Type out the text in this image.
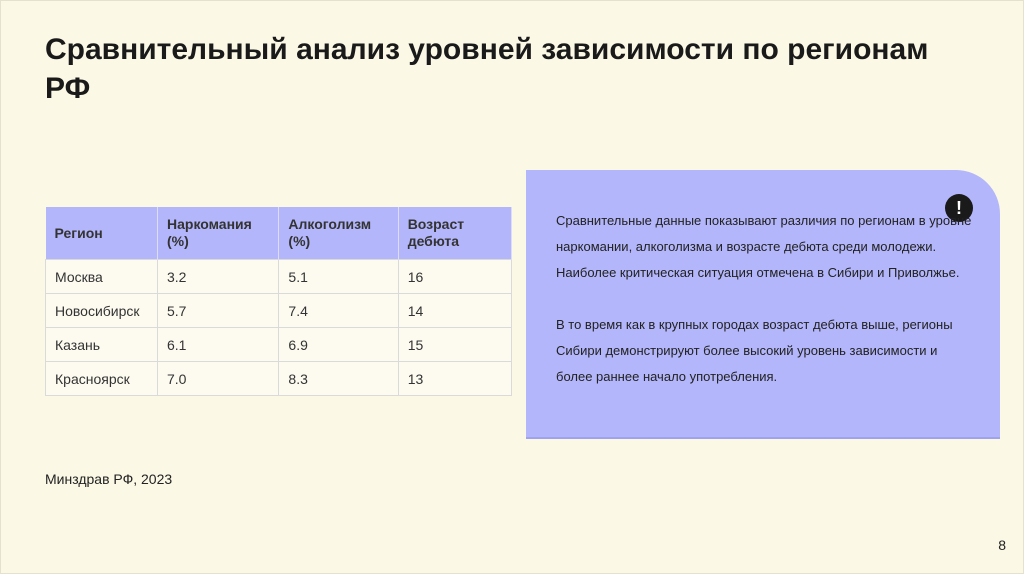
Сравнительный анализ уровней зависимости по регионам РФ
Регион	Наркомания (%)	Алкоголизм (%)	Возраст дебюта
Москва	3.2	5.1	16
Новосибирск	5.7	7.4	14
Казань	6.1	6.9	15
Красноярск	7.0	8.3	13
!

Сравнительные данные показывают различия по регионам в уровне наркомании, алкоголизма и возрасте дебюта среди молодежи. Наиболее критическая ситуация отмечена в Сибири и Приволжье.

В то время как в крупных городах возраст дебюта выше, регионы Сибири демонстрируют более высокий уровень зависимости и более раннее начало употребления.

Минздрав РФ, 2023
8
